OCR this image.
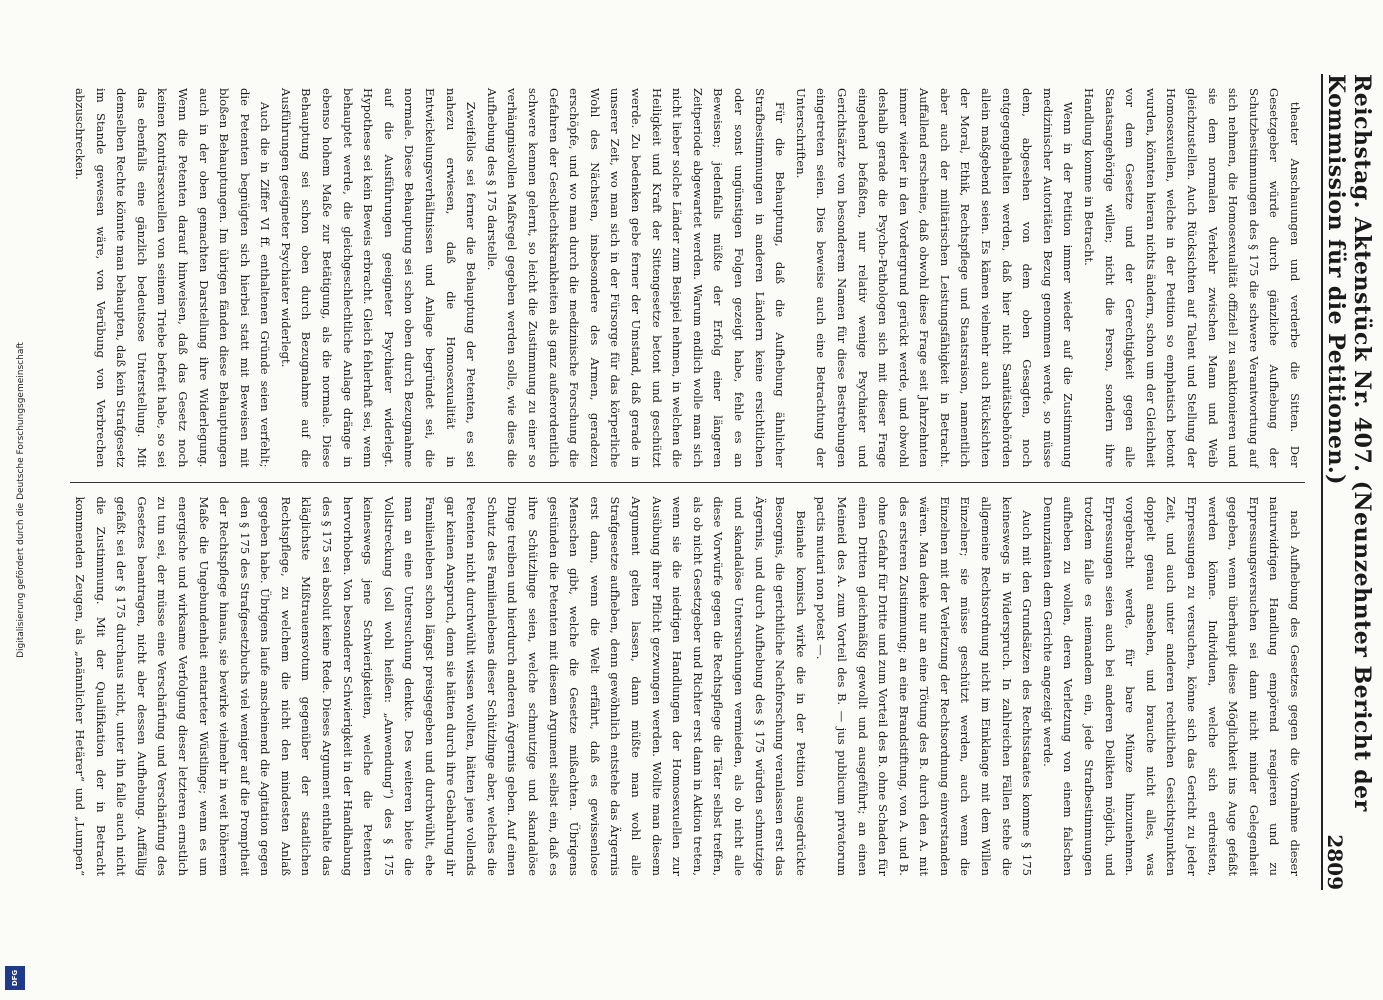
Reichstag. Aktenstück Nr. 407. (Neunzehnter Bericht der Kommission für die Petitionen.)
2809

theater Anschauungen und verderbe die Sitten. Der Gesetzgeber würde durch gänzliche Aufhebung der Schutzbestimmungen des § 175 die schwere Verantwortung auf sich nehmen, die Homosexualität offiziell zu sanktionieren und sie dem normalen Verkehr zwischen Mann und Weib gleichzustellen. Auch Rücksichten auf Talent und Stellung der Homosexuellen, welche in der Petition so emphatisch betont wurden, könnten hieran nichts ändern, schon um der Gleichheit vor dem Gesetze und der Gerechtigkeit gegen alle Staatsangehörige willen; nicht die Person, sondern ihre Handlung komme in Betracht.

Wenn in der Petition immer wieder auf die Zustimmung medizinischer Autoritäten Bezug genommen werde, so müsse dem, abgesehen von dem oben Gesagten, noch entgegengehalten werden, daß hier nicht Sanitätsbehörden allein maßgebend seien. Es kämen vielmehr auch Rücksichten der Moral, Ethik, Rechtspflege und Staatsraison, namentlich aber auch der militärischen Leistungsfähigkeit in Betracht. Auffallend erscheine, daß obwohl diese Frage seit Jahrzehnten immer wieder in den Vordergrund gerückt werde, und obwohl deshalb gerade die Psycho-Pathologen sich mit dieser Frage eingehend befaßten, nur relativ wenige Psychiater und Gerichtsärzte von besonderem Namen für diese Bestrebungen eingetreten seien. Dies beweise auch eine Betrachtung der Unterschriften.

Für die Behauptung, daß die Aufhebung ähnlicher Strafbestimmungen in anderen Ländern keine ersichtlichen oder sonst ungünstigen Folgen gezeigt habe, fehle es an Beweisen; jedenfalls müßte der Erfolg einer längeren Zeitperiode abgewartet werden. Warum endlich wolle man sich nicht lieber solche Länder zum Beispiel nehmen, in welchen die Heiligkeit und Kraft der Sittengesetze betont und geschützt werde. Zu bedenken gebe ferner der Umstand, daß gerade in unserer Zeit, wo man sich in der Fürsorge für das körperliche Wohl des Nächsten, insbesondere des Armen, geradezu erschöpfe, und wo man durch die medizinische Forschung die Gefahren der Geschlechtskrankheiten als ganz außerordentlich schwere kennen gelernt, so leicht die Zustimmung zu einer so verhängnisvollen Maßregel gegeben werden solle, wie dies die Aufhebung des § 175 darstelle.

Zweifellos sei ferner die Behauptung der Petenten, es sei nahezu erwiesen, daß die Homosexualität in Entwickelungsverhältnissen und Anlage begründet sei, die normale. Diese Behauptung sei schon oben durch Bezugnahme auf die Ausführungen geeigneter Psychiater widerlegt. Hypothese sei kein Beweis erbracht. Gleich fehlerhaft sei, wenn behauptet werde, die gleichgeschlechtliche Anlage dränge in ebenso hohem Maße zur Betätigung, als die normale. Diese Behauptung sei schon oben durch Bezugnahme auf die Ausführungen geeigneter Psychiater widerlegt.

Auch die in Ziffer VI ff. enthaltenen Gründe seien verfehlt; die Petenten begnügten sich hierbei statt mit Beweisen mit bloßen Behauptungen. Im übrigen fänden diese Behauptungen auch in der oben gemachten Darstellung ihre Widerlegung. Wenn die Petenten darauf hinweisen, daß das Gesetz noch keinen Konträrsexuellen von seinem Triebe befreit habe, so sei das ebenfalls eine gänzlich bedeutsose Unterstellung. Mit demselben Rechte könnte man behaupten, daß kein Strafgesetz im Stande gewesen wäre, von Verübung von Verbrechen abzuschrecken.

nach Aufhebung des Gesetzes gegen die Vornahme dieser naturwidrigen Handlung empörend reagieren und zu Erpressungsversuchen sei dann nicht minder Gelegenheit gegeben, wenn überhaupt diese Möglichkeit ins Auge gefaßt werden könne. Individuen, welche sich erdreisten, Erpressungen zu versuchen, könne sich das Gericht zu jeder Zeit, und auch unter anderen rechtlichen Gesichtspunkten doppelt genau ansehen, und brauche nicht alles, was vorgebracht werde, für bare Münze hinzunehmen. Erpressungen seien auch bei anderen Delikten möglich, und trotzdem falle es niemandem ein, jede Strafbestimmungen aufheben zu wollen, deren Verletzung von einem falschen Denunzianten dem Gerichte angezeigt werde.

Auch mit den Grundsätzen des Rechtsstaates komme § 175 keineswegs in Widerspruch. In zahlreichen Fällen stehe die allgemeine Rechtsordnung nicht im Einklange mit dem Willen Einzelner; sie müsse geschützt werden, auch wenn die Einzelnen mit der Verletzung der Rechtsordnung einverstanden wären. Man denke nur an eine Tötung des B. durch den A. mit des ersteren Zustimmung; an eine Brandstiftung, von A. und B. ohne Gefahr für Dritte und zum Vorteil des B. ohne Schaden für einen Dritten gleichmäßig gewollt und ausgeführt; an einen Meineid des A. zum Vorteil des B. — jus publicum privatorum pactis mutari non potest —.

Beinahe komisch wirke die in der Petition ausgedrückte Besorgnis, die gerichtliche Nachforschung veranlassen erst das Ärgernis, und durch Aufhebung des § 175 würden schmutzige und skandalöse Untersuchungen vermieden, als ob nicht alle diese Vorwürfe gegen die Rechtspflege die Täter selbst treffen, als ob nicht Gesetzgeber und Richter erst dann in Aktion treten, wenn sie die niedrigen Handlungen der Homosexuellen zur Ausübung ihrer Pflicht gezwungen werden. Wollte man diesem Argument gelten lassen, dann müßte man wohl alle Strafgesetze aufheben, denn gewöhnlich entstehe das Ärgernis erst dann, wenn die Welt erfährt, daß es gewissenlose Menschen gibt, welche die Gesetze mißachten. Übrigens gestünden die Petenten mit diesem Argument selbst ein, daß es ihre Schützlinge seien, welche schmutzige und skandalöse Dinge treiben und hierdurch anderen Ärgernis geben. Auf einen Schutz des Familienlebens dieser Schützlinge aber, welches die Petenten nicht durchwühlt wissen wollten, hätten jene vollends gar keinen Anspruch, denn sie hätten durch ihre Gebahrung ihr Familienleben schon längst preisgegeben und durchwühlt, ehe man an eine Untersuchung denkte. Des weiteren biete die Vollstreckung (soll wohl heißen: „Anwendung“) des § 175 keineswegs jene Schwierigkeiten, welche die Petenten hervorhoben. Von besonderer Schwierigkeit in der Handhabung des § 175 sei absolut keine Rede. Dieses Argument enthalte das kläglichste Mißtrauensvotum gegenüber der staatlichen Rechtspflege, zu welchem die nicht den mindesten Anlaß gegeben habe. Übrigens laufe anscheinend die Agitation gegen den § 175 des Strafgesetzbuchs viel weniger auf die Promptheit der Rechtspflege hinaus, sie bewirke vielmehr in weit höherem Maße die Ungebundenheit entarteter Wüstlinge; wenn es um energische und wirksame Verfolgung dieser letzteren ernstlich zu tun sei, der müsse eine Verschärfung und Verschärfung des Gesetzes beantragen, nicht aber dessen Aufhebung. Auffällig gefaßt sei der § 175 durchaus nicht, unter ihn falle auch nicht die Zustimmung. Mit der Qualifikation der in Betracht kommenden Zeugen, als „männlicher Hetärer“ und „Lumpen“

Digitalisierung gefördert durch die Deutsche Forschungsgemeinschaft
DFG
